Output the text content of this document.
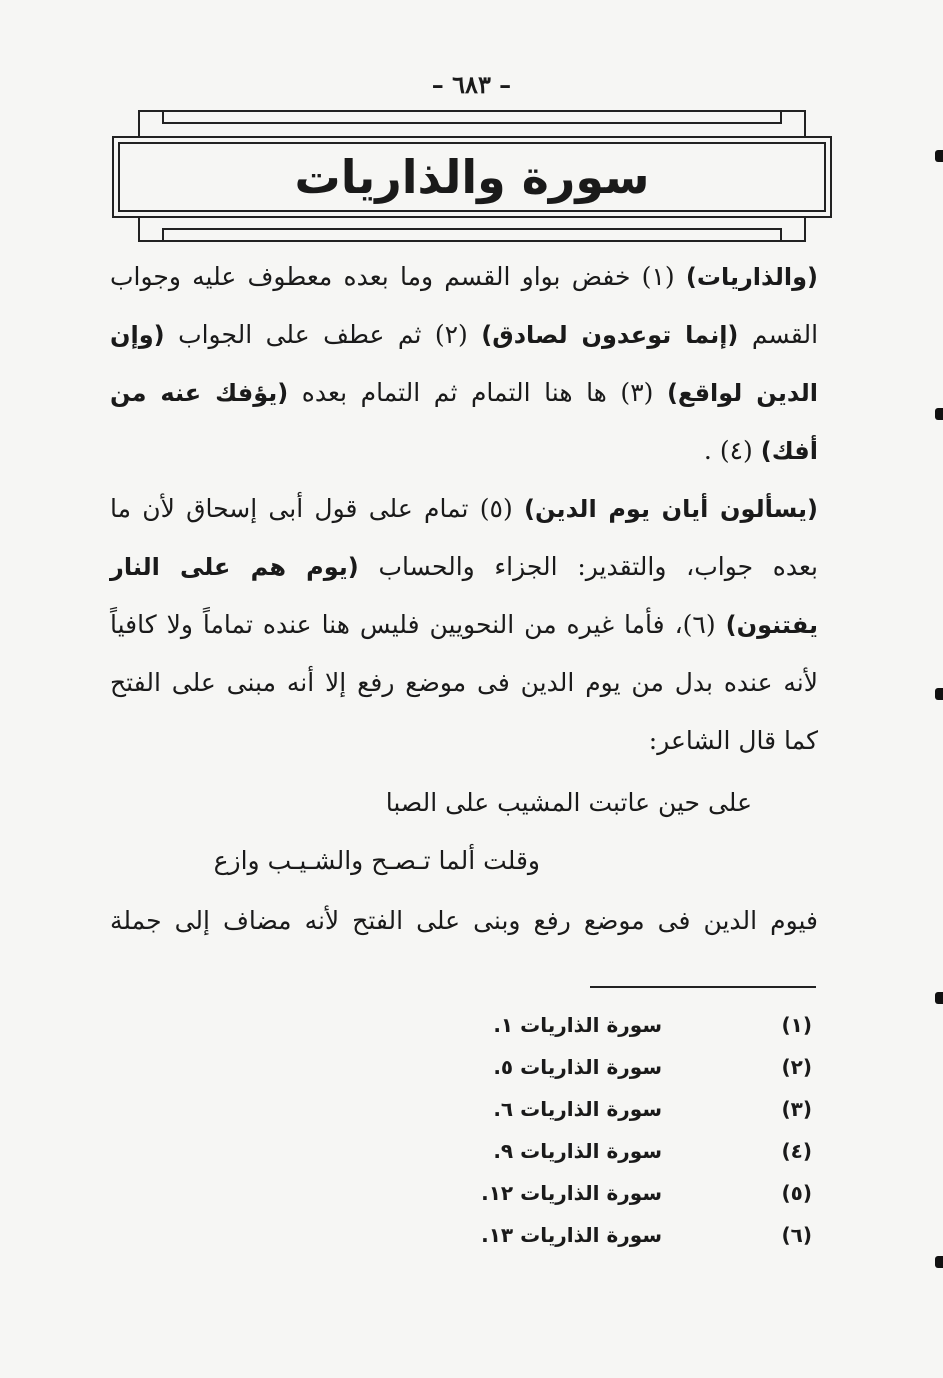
– ٦٨٣ –
سورة والذاريات

(والذاريات) (١) خفض بواو القسم وما بعده معطوف عليه وجواب القسم (إنما توعدون لصادق) (٢) ثم عطف على الجواب (وإن الدين لواقع) (٣) ها هنا التمام ثم التمام بعده (يؤفك عنه من أفك) (٤) .

(يسألون أيان يوم الدين) (٥) تمام على قول أبى إسحاق لأن ما بعده جواب، والتقدير: الجزاء والحساب (يوم هم على النار يفتنون) (٦)، فأما غيره من النحويين فليس هنا عنده تماماً ولا كافياً لأنه عنده بدل من يوم الدين فى موضع رفع إلا أنه مبنى على الفتح كما قال الشاعر:

على حين عاتبت المشيب على الصبا
وقلت ألما تـصـح والشـيـب وازع
فيوم الدين فى موضع رفع وبنى على الفتح لأنه مضاف إلى جملة
(١)
سورة الذاريات ١.
(٢)
سورة الذاريات ٥.
(٣)
سورة الذاريات ٦.
(٤)
سورة الذاريات ٩.
(٥)
سورة الذاريات ١٢.
(٦)
سورة الذاريات ١٣.
